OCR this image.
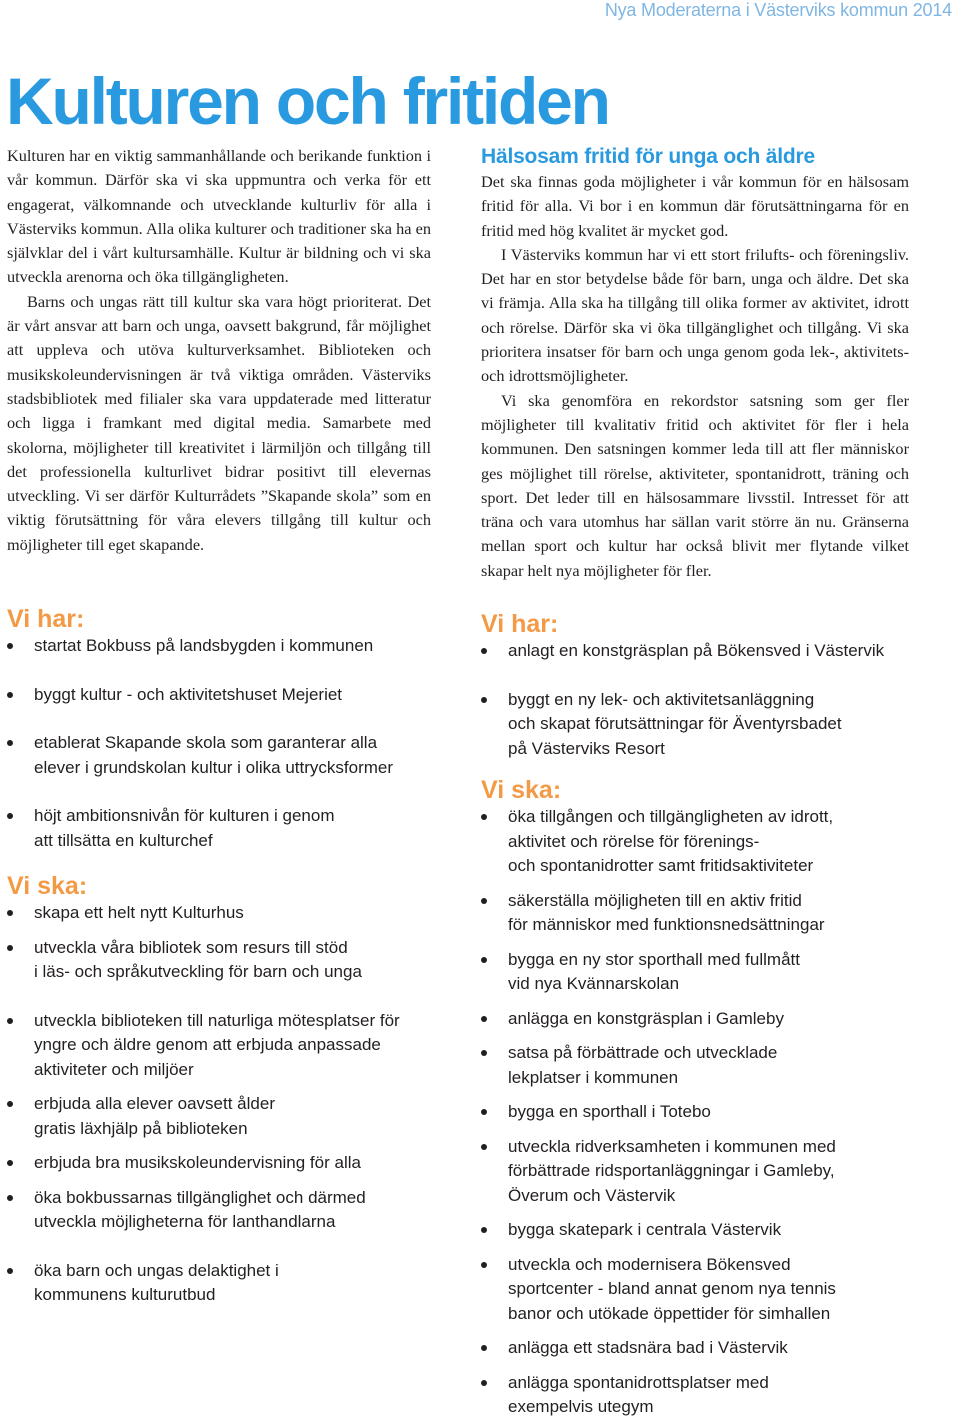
Nya Moderaterna i Västerviks kommun 2014
Kulturen och fritiden

Kulturen har en viktig sammanhållande och berikande funktion i vår kommun. Därför ska vi ska uppmuntra och verka för ett engagerat, välkomnande och utvecklande kulturliv för alla i Västerviks kommun. Alla olika kulturer och traditioner ska ha en självklar del i vårt kultursamhälle. Kultur är bildning och vi ska utveckla arenorna och öka tillgängligheten.

Barns och ungas rätt till kultur ska vara högt prioriterat. Det är vårt ansvar att barn och unga, oavsett bakgrund, får möjlighet att uppleva och utöva kulturverksamhet. Biblioteken och musikskoleundervisningen är två viktiga områden. Västerviks stadsbibliotek med filialer ska vara uppdaterade med litteratur och ligga i framkant med digital media. Samarbete med skolorna, möjligheter till kreativitet i lärmiljön och tillgång till det professionella kulturlivet bidrar positivt till elevernas utveckling. Vi ser därför Kulturrådets ”Skapande skola” som en viktig förutsättning för våra elevers tillgång till kultur och möjligheter till eget skapande.

Vi har:
startat Bokbuss på landsbygden i kommunen
byggt kultur - och aktivitetshuset Mejeriet
etablerat Skapande skola som garanterar alla
elever i grundskolan kultur i olika uttrycksformer
höjt ambitionsnivån för kulturen i genom
att tillsätta en kulturchef
Vi ska:
skapa ett helt nytt Kulturhus
utveckla våra bibliotek som resurs till stöd
i läs- och språkutveckling för barn och unga
utveckla biblioteken till naturliga mötesplatser för
yngre och äldre genom att erbjuda anpassade
aktiviteter och miljöer
erbjuda alla elever oavsett ålder
gratis läxhjälp på biblioteken
erbjuda bra musikskoleundervisning för alla
öka bokbussarnas tillgänglighet och därmed
utveckla möjligheterna för lanthandlarna
öka barn och ungas delaktighet i
kommunens kulturutbud
Hälsosam fritid för unga och äldre

Det ska finnas goda möjligheter i vår kommun för en hälsosam fritid för alla. Vi bor i en kommun där förutsättningarna för en fritid med hög kvalitet är mycket god.

I Västerviks kommun har vi ett stort frilufts- och föreningsliv. Det har en stor betydelse både för barn, unga och äldre. Det ska vi främja. Alla ska ha tillgång till olika former av aktivitet, idrott och rörelse. Därför ska vi öka tillgänglighet och tillgång. Vi ska prioritera insatser för barn och unga genom goda lek-, aktivitets- och idrottsmöjligheter.

Vi ska genomföra en rekordstor satsning som ger fler möjligheter till kvalitativ fritid och aktivitet för fler i hela kommunen. Den satsningen kommer leda till att fler människor ges möjlighet till rörelse, aktiviteter, spontanidrott, träning och sport. Det leder till en hälsosammare livsstil. Intresset för att träna och vara utomhus har sällan varit större än nu. Gränserna mellan sport och kultur har också blivit mer flytande vilket skapar helt nya möjligheter för fler.

Vi har:
anlagt en konstgräsplan på Bökensved i Västervik
byggt en ny lek- och aktivitetsanläggning
och skapat förutsättningar för Äventyrsbadet
på Västerviks Resort
Vi ska:
öka tillgången och tillgängligheten av idrott,
aktivitet och rörelse för förenings-
och spontanidrotter samt fritidsaktiviteter
säkerställa möjligheten till en aktiv fritid
för människor med funktionsnedsättningar
bygga en ny stor sporthall med fullmått
vid nya Kvännarskolan
anlägga en konstgräsplan i Gamleby
satsa på förbättrade och utvecklade
lekplatser i kommunen
bygga en sporthall i Totebo
utveckla ridverksamheten i kommunen med
förbättrade ridsportanläggningar i Gamleby,
Överum och Västervik
bygga skatepark i centrala Västervik
utveckla och modernisera Bökensved
sportcenter - bland annat genom nya tennis
banor och utökade öppettider för simhallen
anlägga ett stadsnära bad i Västervik
anlägga spontanidrottsplatser med
exempelvis utegym
